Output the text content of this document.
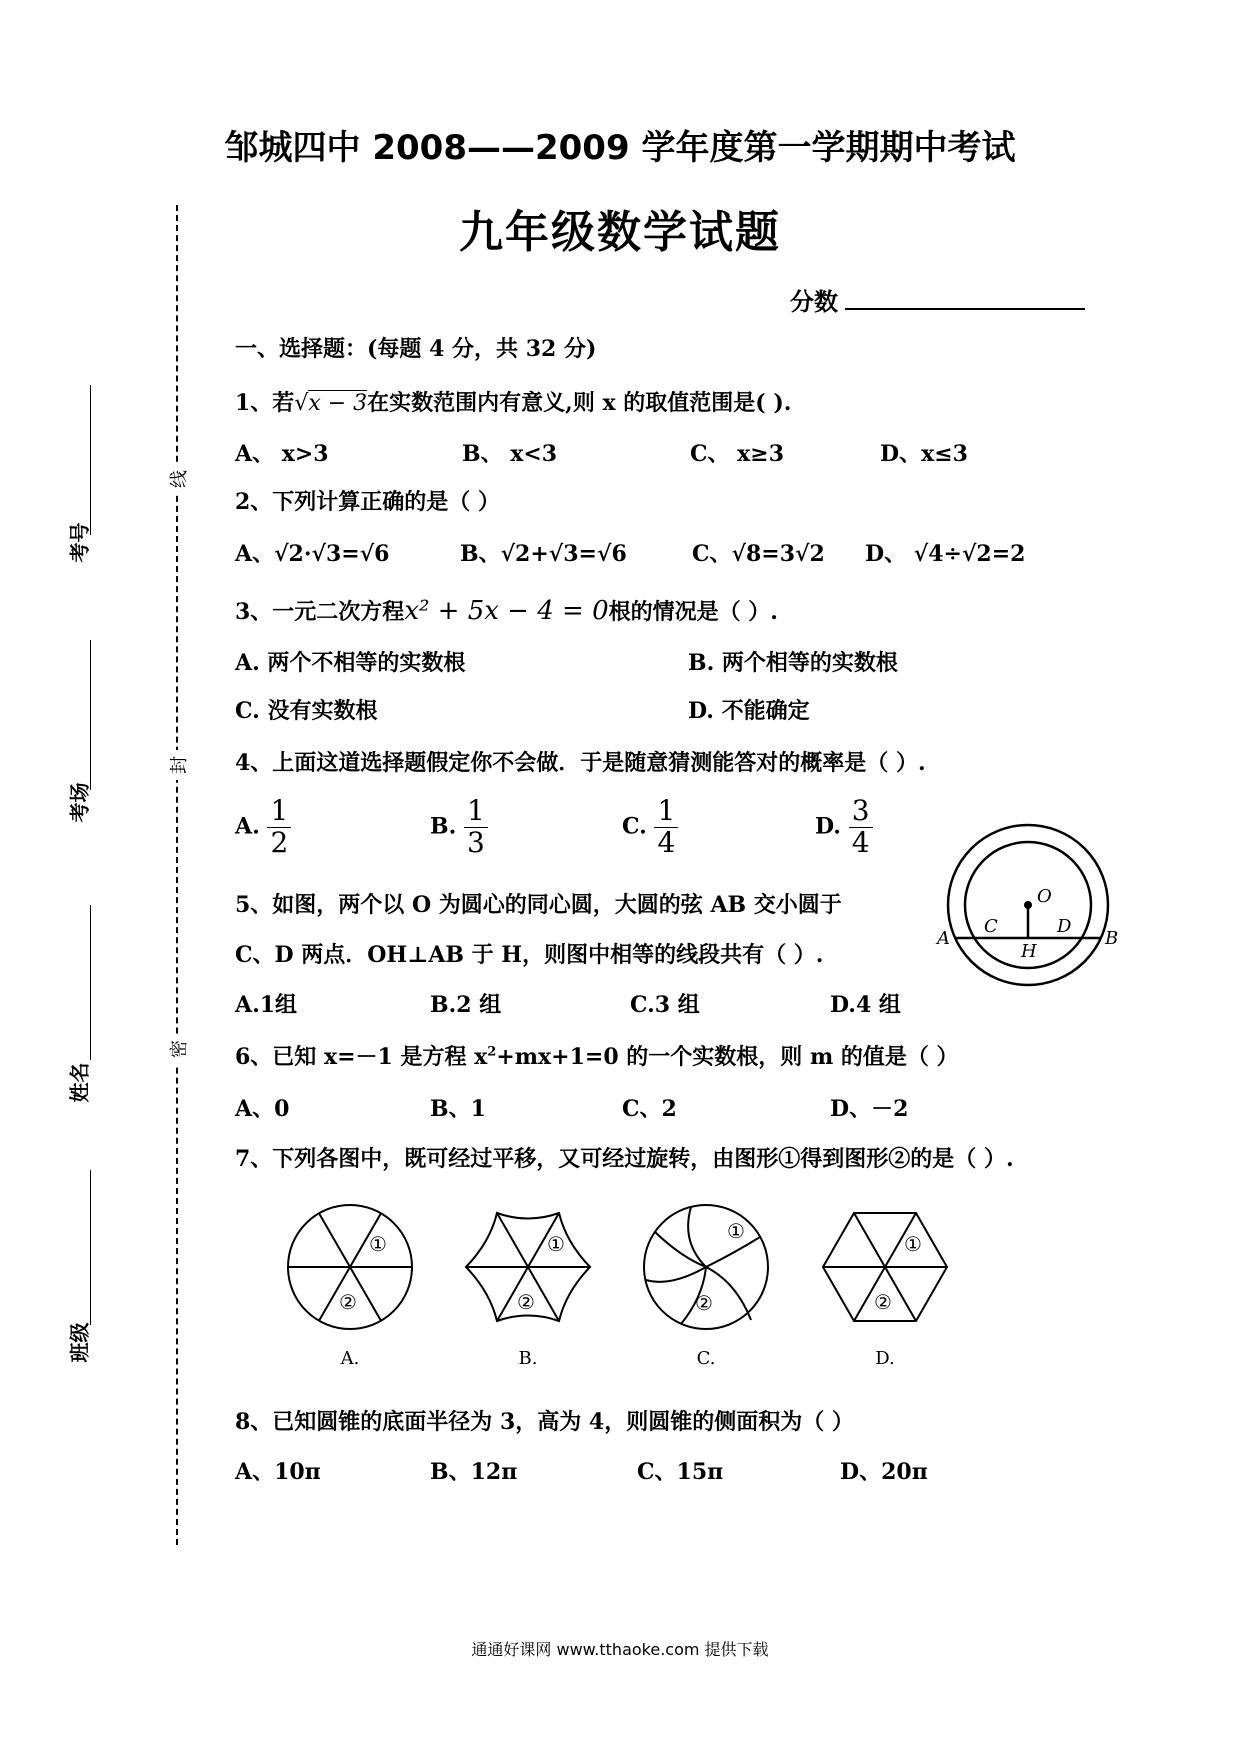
邹城四中 2008——2009 学年度第一学期期中考试
九年级数学试题
分数
考号
考场
姓名
班级
线
封
密
一、选择题：(每题 4 分，共 32 分)
1、若√x − 3在实数范围内有意义,则 x 的取值范围是( ).
A、 x>3	B、 x<3	C、 x≥3	D、x≤3
2、下列计算正确的是（ ）
A、√2·√3=√6	B、√2+√3=√6	C、√8=3√2 D、 √4÷√2=2
3、一元二次方程x² + 5x − 4 = 0根的情况是（ ）.
A. 两个不相等的实数根	B. 两个相等的实数根
C. 没有实数根	D. 不能确定
4、上面这道选择题假定你不会做．于是随意猜测能答对的概率是（ ）.
A. $\frac{1}{2}$	B. $\frac{1}{3}$	C. $\frac{1}{4}$	D. $\frac{3}{4}$
5、如图，两个以 O 为圆心的同心圆，大圆的弦 AB 交小圆于
C、D 两点．OH⊥AB 于 H，则图中相等的线段共有（ ）.
A.1组	B.2 组	C.3 组	D.4 组
O
A
C	D
B
H
6、已知 x=－1 是方程 $x^2+mx+1=0$ 的一个实数根，则 m 的值是（ ）
A、0	B、1	C、2	D、－2
7、下列各图中，既可经过平移，又可经过旋转，由图形①得到图形②的是（ ）.
①
②
①
②
①
②
①
②
A.	B.	C.	D.
8、已知圆锥的底面半径为 3，高为 4，则圆锥的侧面积为（ ）
A、10π	B、12π	C、15π	D、20π
通通好课网 www.tthaoke.com 提供下载
